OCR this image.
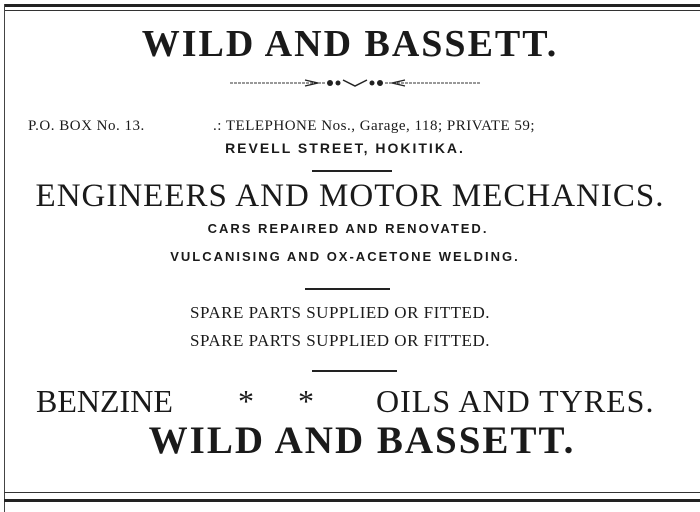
WILD AND BASSETT.
P.O. BOX No. 13.	.: TELEPHONE Nos., Garage, 118; PRIVATE 59;
REVELL STREET, HOKITIKA.
ENGINEERS AND MOTOR MECHANICS.
CARS REPAIRED AND RENOVATED.
VULCANISING AND OX-ACETONE WELDING.
SPARE PARTS SUPPLIED OR FITTED.
SPARE PARTS SUPPLIED OR FITTED.
BENZINE * * OILS AND TYRES.
WILD AND BASSETT.
